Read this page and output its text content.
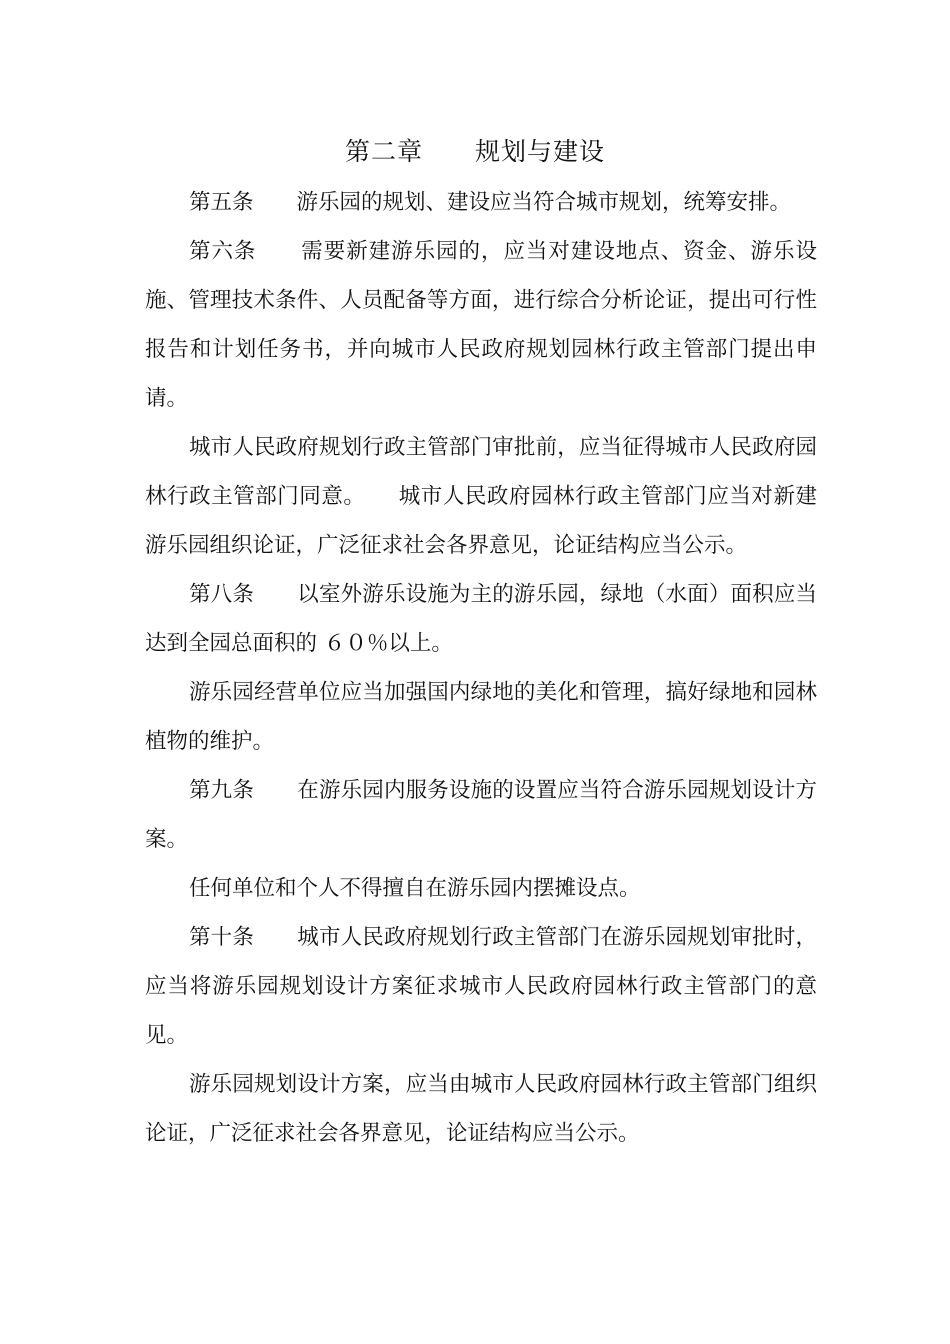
第二章　　规划与建设

第五条　　游乐园的规划、建设应当符合城市规划，统筹安排。

第六条　　需要新建游乐园的，应当对建设地点、资金、游乐设施、管理技术条件、人员配备等方面，进行综合分析论证，提出可行性报告和计划任务书，并向城市人民政府规划园林行政主管部门提出申请。

城市人民政府规划行政主管部门审批前，应当征得城市人民政府园林行政主管部门同意。　　城市人民政府园林行政主管部门应当对新建游乐园组织论证，广泛征求社会各界意见，论证结构应当公示。

第八条　　以室外游乐设施为主的游乐园，绿地（水面）面积应当达到全园总面积的 ６０％以上。

游乐园经营单位应当加强国内绿地的美化和管理，搞好绿地和园林植物的维护。

第九条　　在游乐园内服务设施的设置应当符合游乐园规划设计方案。

任何单位和个人不得擅自在游乐园内摆摊设点。

第十条　　城市人民政府规划行政主管部门在游乐园规划审批时，应当将游乐园规划设计方案征求城市人民政府园林行政主管部门的意见。

游乐园规划设计方案，应当由城市人民政府园林行政主管部门组织论证，广泛征求社会各界意见，论证结构应当公示。
